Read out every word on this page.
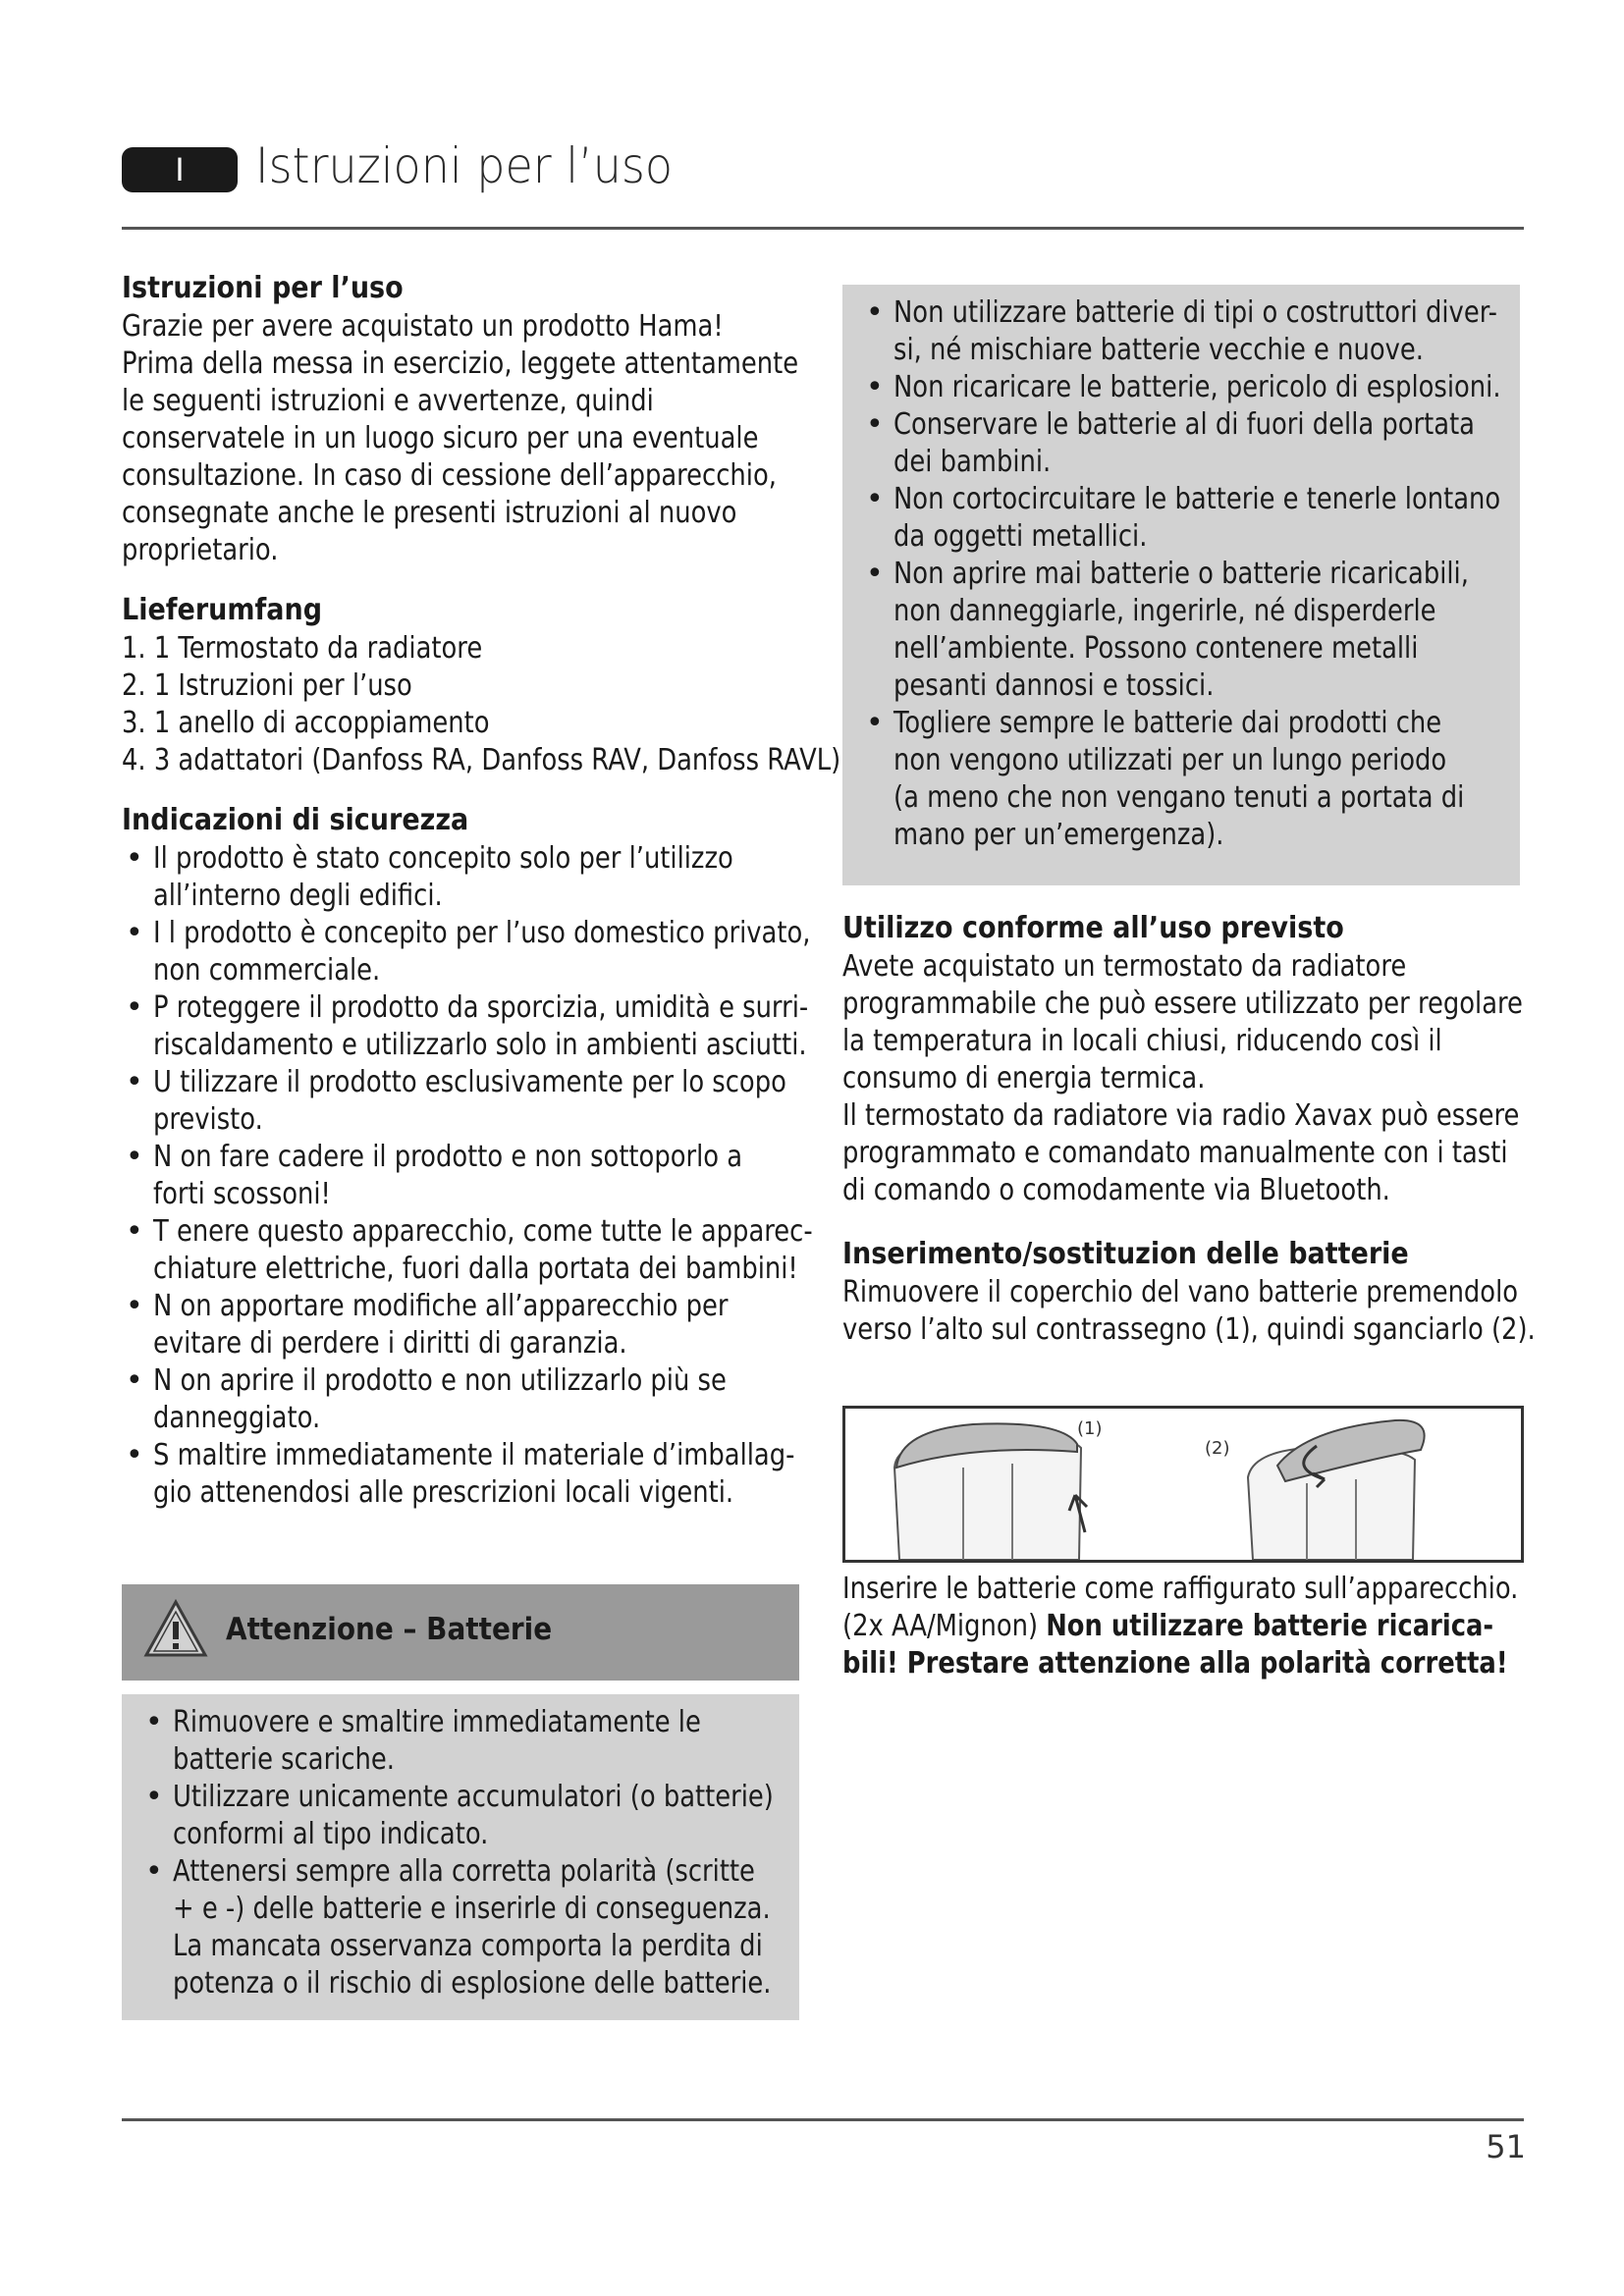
I	Istruzioni per l’uso
• Non utilizzare batterie di tipi o costruttori diver-
si, né mischiare batterie vecchie e nuove.
• Non ricaricare le batterie, pericolo di esplosioni.
• Conservare le batterie al di fuori della portata
dei bambini.
• Non cortocircuitare le batterie e tenerle lontano
da oggetti metallici.
• Non aprire mai batterie o batterie ricaricabili,
non danneggiarle, ingerirle, né disperderle
nell’ambiente. Possono contenere metalli
pesanti dannosi e tossici.
• Togliere sempre le batterie dai prodotti che
non vengono utilizzati per un lungo periodo
(a meno che non vengano tenuti a portata di
mano per un’emergenza).
Istruzioni per l’uso

Grazie per avere acquistato un prodotto Hama!

Prima della messa in esercizio, leggete attentamente

le seguenti istruzioni e avvertenze, quindi

conservatele in un luogo sicuro per una eventuale

consultazione. In caso di cessione dell’apparecchio,

consegnate anche le presenti istruzioni al nuovo

proprietario.

Lieferumfang
1. 1 Termostato da radiatore
2. 1 Istruzioni per l’uso
3. 1 anello di accoppiamento
4. 3 adattatori (Danfoss RA, Danfoss RAV, Danfoss RAVL)
Indicazioni di sicurezza
• Il prodotto è stato concepito solo per l’utilizzo
all’interno degli edifici.
• I l prodotto è concepito per l’uso domestico privato,
non commerciale.
• P roteggere il prodotto da sporcizia, umidità e surri-
riscaldamento e utilizzarlo solo in ambienti asciutti.
• U tilizzare il prodotto esclusivamente per lo scopo
previsto.
• N on fare cadere il prodotto e non sottoporlo a
forti scossoni!
• T enere questo apparecchio, come tutte le apparec-
chiature elettriche, fuori dalla portata dei bambini!
• N on apportare modifiche all’apparecchio per
evitare di perdere i diritti di garanzia.
• N on aprire il prodotto e non utilizzarlo più se
danneggiato.
• S maltire immediatamente il materiale d’imballag-
gio attenendosi alle prescrizioni locali vigenti.
Attenzione – Batterie
• Rimuovere e smaltire immediatamente le
batterie scariche.
• Utilizzare unicamente accumulatori (o batterie)
conformi al tipo indicato.
• Attenersi sempre alla corretta polarità (scritte
+ e -) delle batterie e inserirle di conseguenza.
La mancata osservanza comporta la perdita di
potenza o il rischio di esplosione delle batterie.
Utilizzo conforme all’uso previsto

Avete acquistato un termostato da radiatore

programmabile che può essere utilizzato per regolare

la temperatura in locali chiusi, riducendo così il

consumo di energia termica.

Il termostato da radiatore via radio Xavax può essere

programmato e comandato manualmente con i tasti

di comando o comodamente via Bluetooth.

Inserimento/sostituzion delle batterie

Rimuovere il coperchio del vano batterie premendolo

verso l’alto sul contrassegno (1), quindi sganciarlo (2).

(1)
(2)

Inserire le batterie come raffigurato sull’apparecchio.

(2x AA/Mignon) Non utilizzare batterie ricarica-

bili! Prestare attenzione alla polarità corretta!

51
